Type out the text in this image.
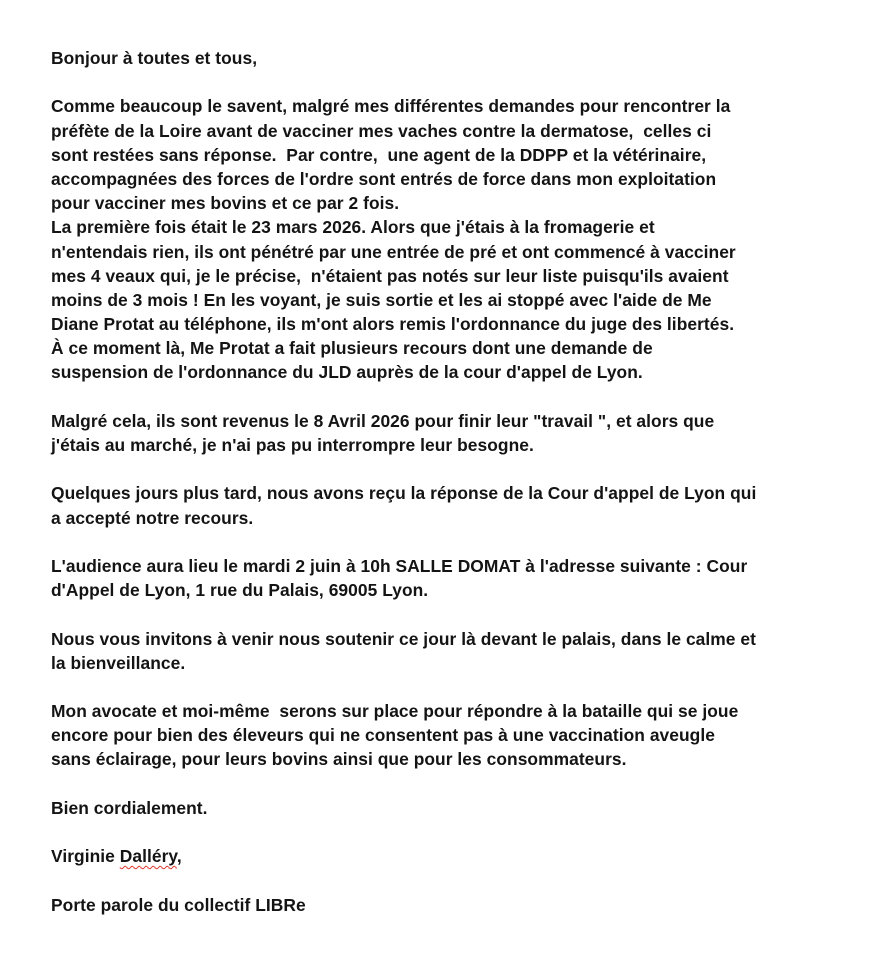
Bonjour à toutes et tous,
Comme beaucoup le savent, malgré mes différentes demandes pour rencontrer la
préfète de la Loire avant de vacciner mes vaches contre la dermatose,  celles ci
sont restées sans réponse.  Par contre,  une agent de la DDPP et la vétérinaire,
accompagnées des forces de l'ordre sont entrés de force dans mon exploitation
pour vacciner mes bovins et ce par 2 fois.
La première fois était le 23 mars 2026. Alors que j'étais à la fromagerie et
n'entendais rien, ils ont pénétré par une entrée de pré et ont commencé à vacciner
mes 4 veaux qui, je le précise,  n'étaient pas notés sur leur liste puisqu'ils avaient
moins de 3 mois ! En les voyant, je suis sortie et les ai stoppé avec l'aide de Me
Diane Protat au téléphone, ils m'ont alors remis l'ordonnance du juge des libertés.
À ce moment là, Me Protat a fait plusieurs recours dont une demande de
suspension de l'ordonnance du JLD auprès de la cour d'appel de Lyon.
Malgré cela, ils sont revenus le 8 Avril 2026 pour finir leur "travail ", et alors que
j'étais au marché, je n'ai pas pu interrompre leur besogne.
Quelques jours plus tard, nous avons reçu la réponse de la Cour d'appel de Lyon qui
a accepté notre recours.
L'audience aura lieu le mardi 2 juin à 10h SALLE DOMAT à l'adresse suivante : Cour
d'Appel de Lyon, 1 rue du Palais, 69005 Lyon.
Nous vous invitons à venir nous soutenir ce jour là devant le palais, dans le calme et
la bienveillance.
Mon avocate et moi-même  serons sur place pour répondre à la bataille qui se joue
encore pour bien des éleveurs qui ne consentent pas à une vaccination aveugle
sans éclairage, pour leurs bovins ainsi que pour les consommateurs.
Bien cordialement.
Virginie Dalléry,
Porte parole du collectif LIBRe
